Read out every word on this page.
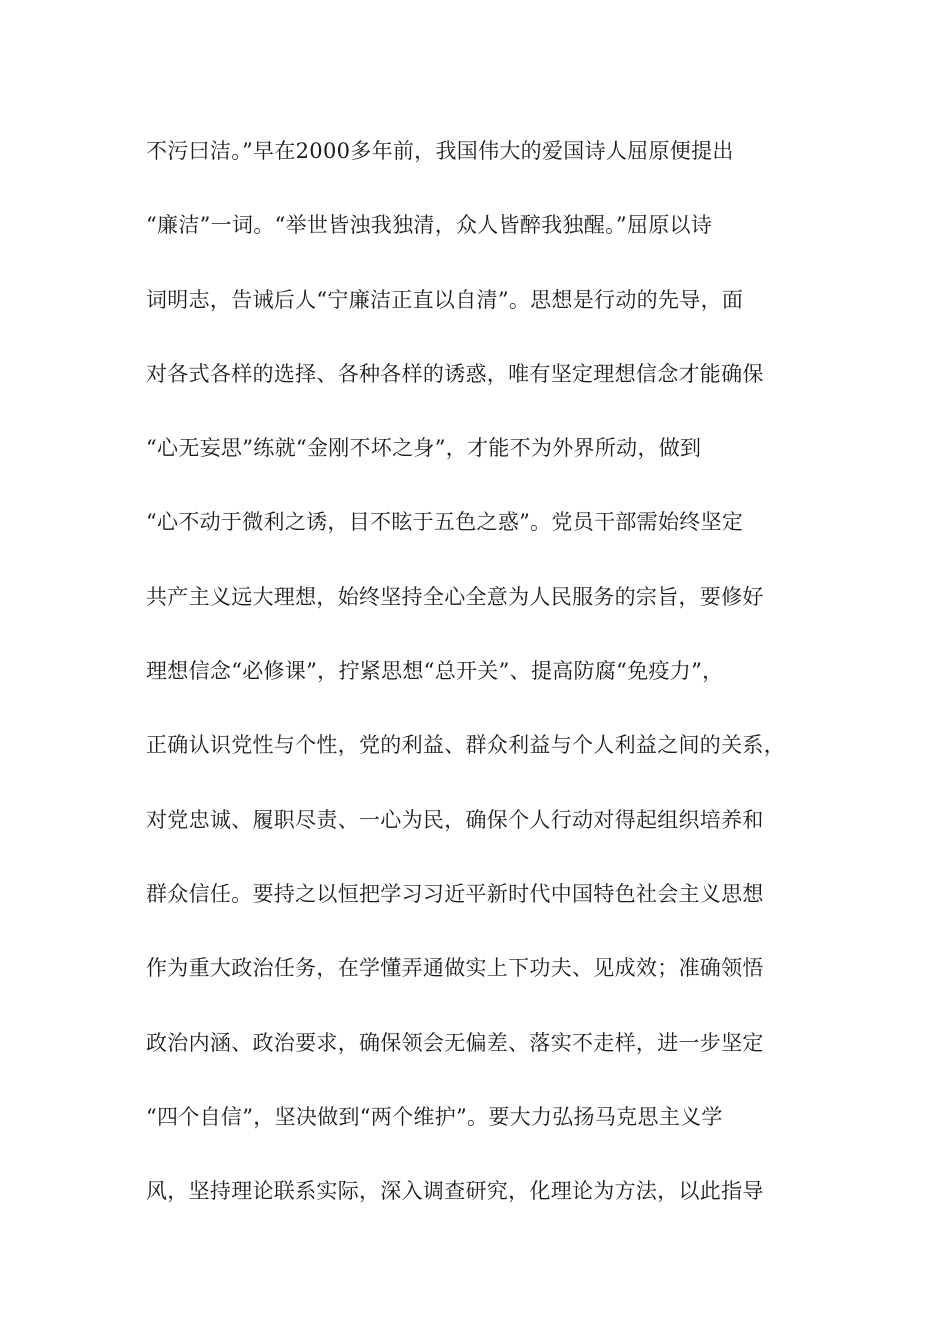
不污曰洁。”早在2000多年前，我国伟大的爱国诗人屈原便提出
“廉洁”一词。“举世皆浊我独清，众人皆醉我独醒。”屈原以诗
词明志，告诫后人“宁廉洁正直以自清”。思想是行动的先导，面
对各式各样的选择、各种各样的诱惑，唯有坚定理想信念才能确保
“心无妄思”练就“金刚不坏之身”，才能不为外界所动，做到
“心不动于微利之诱，目不眩于五色之惑”。党员干部需始终坚定
共产主义远大理想，始终坚持全心全意为人民服务的宗旨，要修好
理想信念“必修课”，拧紧思想“总开关”、提高防腐“免疫力”，
正确认识党性与个性，党的利益、群众利益与个人利益之间的关系，
对党忠诚、履职尽责、一心为民，确保个人行动对得起组织培养和
群众信任。要持之以恒把学习习近平新时代中国特色社会主义思想
作为重大政治任务，在学懂弄通做实上下功夫、见成效；准确领悟
政治内涵、政治要求，确保领会无偏差、落实不走样，进一步坚定
“四个自信”，坚决做到“两个维护”。要大力弘扬马克思主义学
风，坚持理论联系实际，深入调查研究，化理论为方法，以此指导
